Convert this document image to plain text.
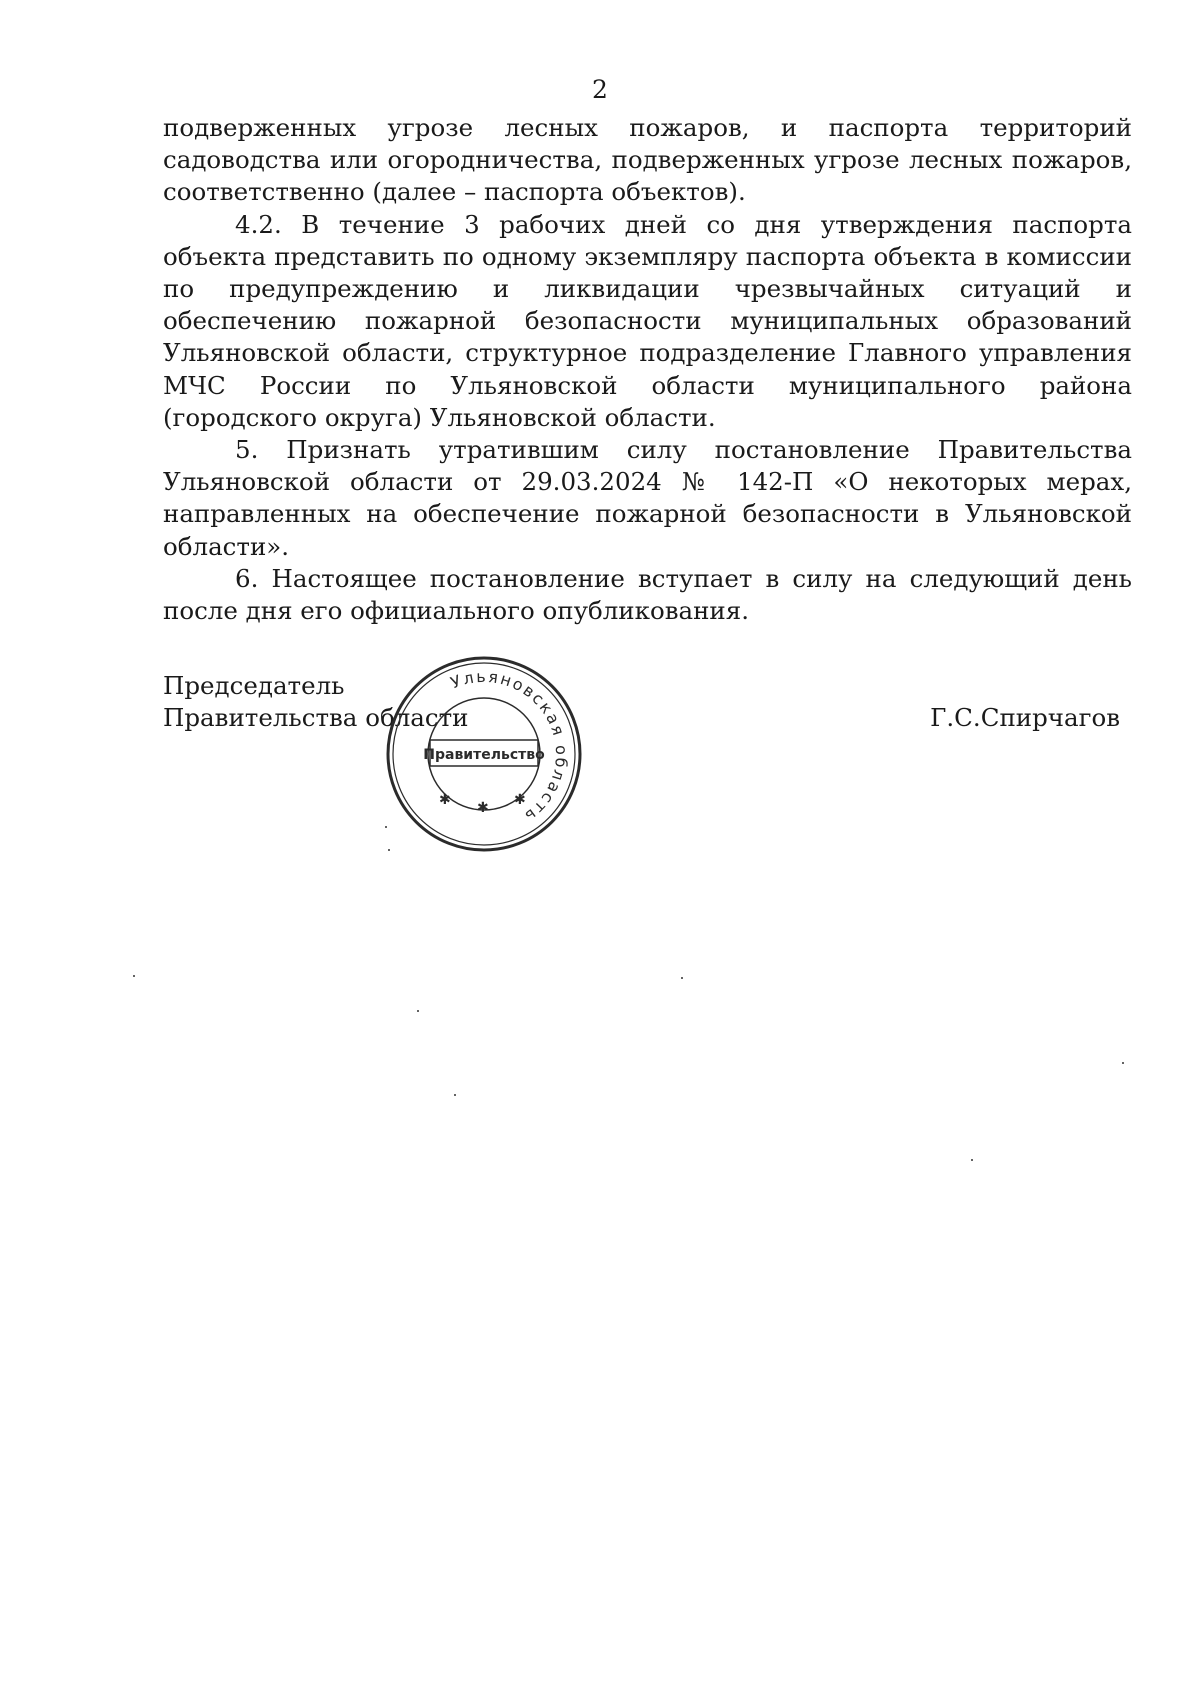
2

подверженных угрозе лесных пожаров, и паспорта территорий садоводства или огородничества, подверженных угрозе лесных пожаров, соответственно (далее – паспорта объектов).

4.2. В течение 3 рабочих дней со дня утверждения паспорта объекта представить по одному экземпляру паспорта объекта в комиссии по предупреждению и ликвидации чрезвычайных ситуаций и обеспечению пожарной безопасности муниципальных образований Ульяновской области, структурное подразделение Главного управления МЧС России по Ульяновской области муниципального района (городского округа) Ульяновской области.

5. Признать утратившим силу постановление Правительства Ульяновской области от 29.03.2024 № 142-П «О некоторых мерах, направленных на обеспечение пожарной безопасности в Ульяновской области».

6. Настоящее постановление вступает в силу на следующий день после дня его официального опубликования.

Председатель
Правительства области	Г.С.Спирчагов
Ульяновская область
Правительство
✱ ✱ ✱
